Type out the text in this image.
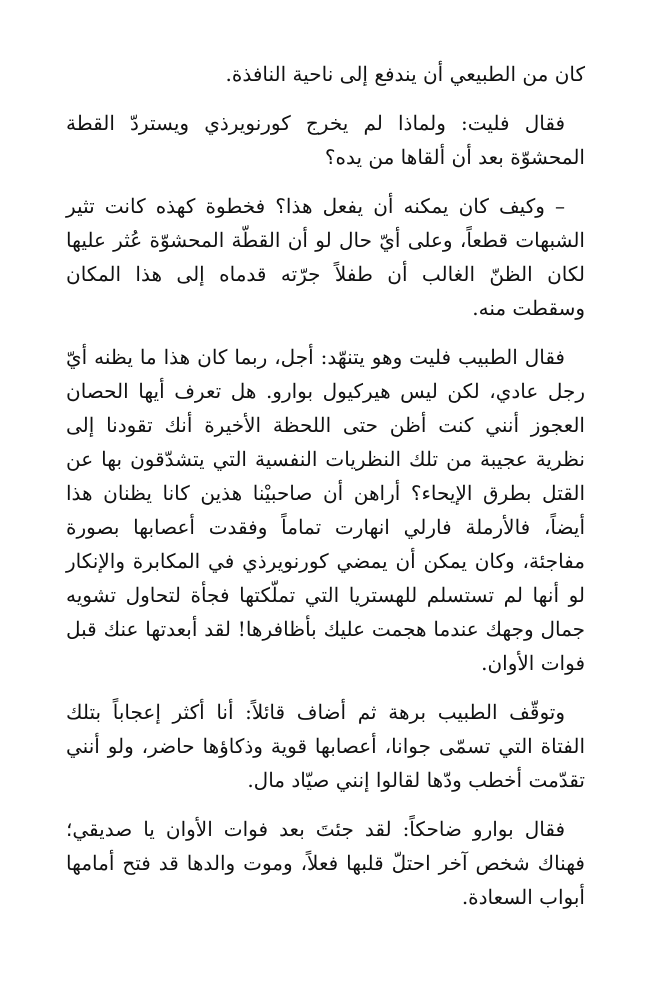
كان من الطبيعي أن يندفع إلى ناحية النافذة.

فقال فليت: ولماذا لم يخرج كورنويرذي ويستردّ القطة المحشوّة بعد أن ألقاها من يده؟

– وكيف كان يمكنه أن يفعل هذا؟ فخطوة كهذه كانت تثير الشبهات قطعاً، وعلى أيّ حال لو أن القطّة المحشوّة عُثر عليها لكان الظنّ الغالب أن طفلاً جرّته قدماه إلى هذا المكان وسقطت منه.

فقال الطبيب فليت وهو يتنهّد: أجل، ربما كان هذا ما يظنه أيّ رجل عادي، لكن ليس هيركيول بوارو. هل تعرف أيها الحصان العجوز أنني كنت أظن حتى اللحظة الأخيرة أنك تقودنا إلى نظرية عجيبة من تلك النظريات النفسية التي يتشدّقون بها عن القتل بطرق الإيحاء؟ أراهن أن صاحبيْنا هذين كانا يظنان هذا أيضاً، فالأرملة فارلي انهارت تماماً وفقدت أعصابها بصورة مفاجئة، وكان يمكن أن يمضي كورنويرذي في المكابرة والإنكار لو أنها لم تستسلم للهستريا التي تملّكتها فجأة لتحاول تشويه جمال وجهك عندما هجمت عليك بأظافرها! لقد أبعدتها عنك قبل فوات الأوان.

وتوقّف الطبيب برهة ثم أضاف قائلاً: أنا أكثر إعجاباً بتلك الفتاة التي تسمّى جوانا، أعصابها قوية وذكاؤها حاضر، ولو أنني تقدّمت أخطب ودّها لقالوا إنني صيّاد مال.

فقال بوارو ضاحكاً: لقد جئتَ بعد فوات الأوان يا صديقي؛ فهناك شخص آخر احتلّ قلبها فعلاً، وموت والدها قد فتح أمامها أبواب السعادة.
